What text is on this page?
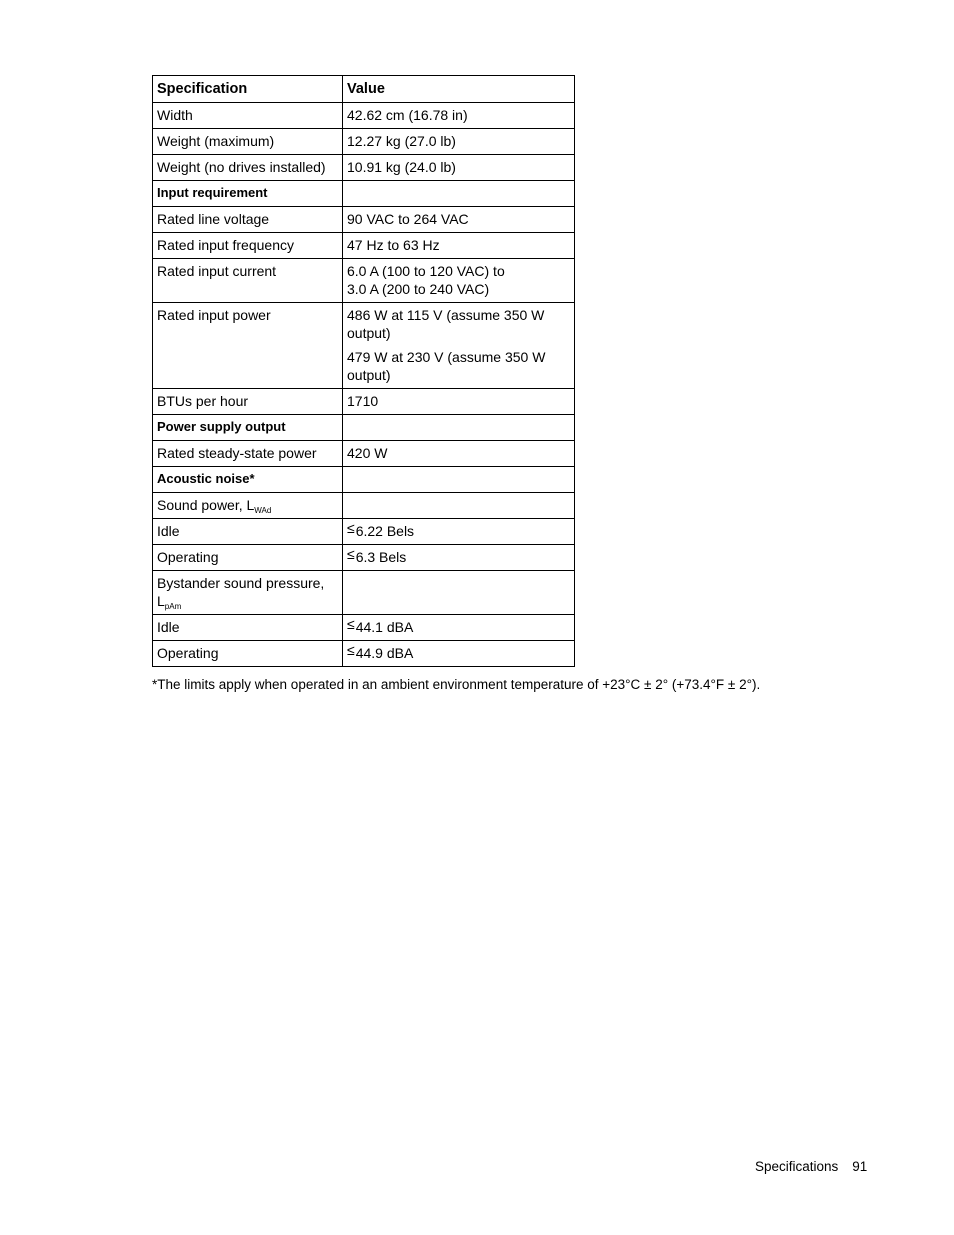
Specification	Value
Width	42.62 cm (16.78 in)
Weight (maximum)	12.27 kg (27.0 lb)
Weight (no drives installed)	10.91 kg (24.0 lb)
Input requirement	
Rated line voltage	90 VAC to 264 VAC
Rated input frequency	47 Hz to 63 Hz
Rated input current	6.0 A (100 to 120 VAC) to
3.0 A (200 to 240 VAC)

Rated input power	486 W at 115 V (assume 350 W output)
479 W at 230 V (assume 350 W output)

BTUs per hour	1710
Power supply output	
Rated steady-state power	420 W
Acoustic noise*	
Sound power, $L_{WAd}$	
Idle	≤6.22 Bels
Operating	≤6.3 Bels

Bystander sound pressure,
$L_{pAm}$

Idle	≤44.1 dBA
Operating	≤44.9 dBA
*The limits apply when operated in an ambient environment temperature of +23°C ± 2° (+73.4°F ± 2°).
Specifications 91
